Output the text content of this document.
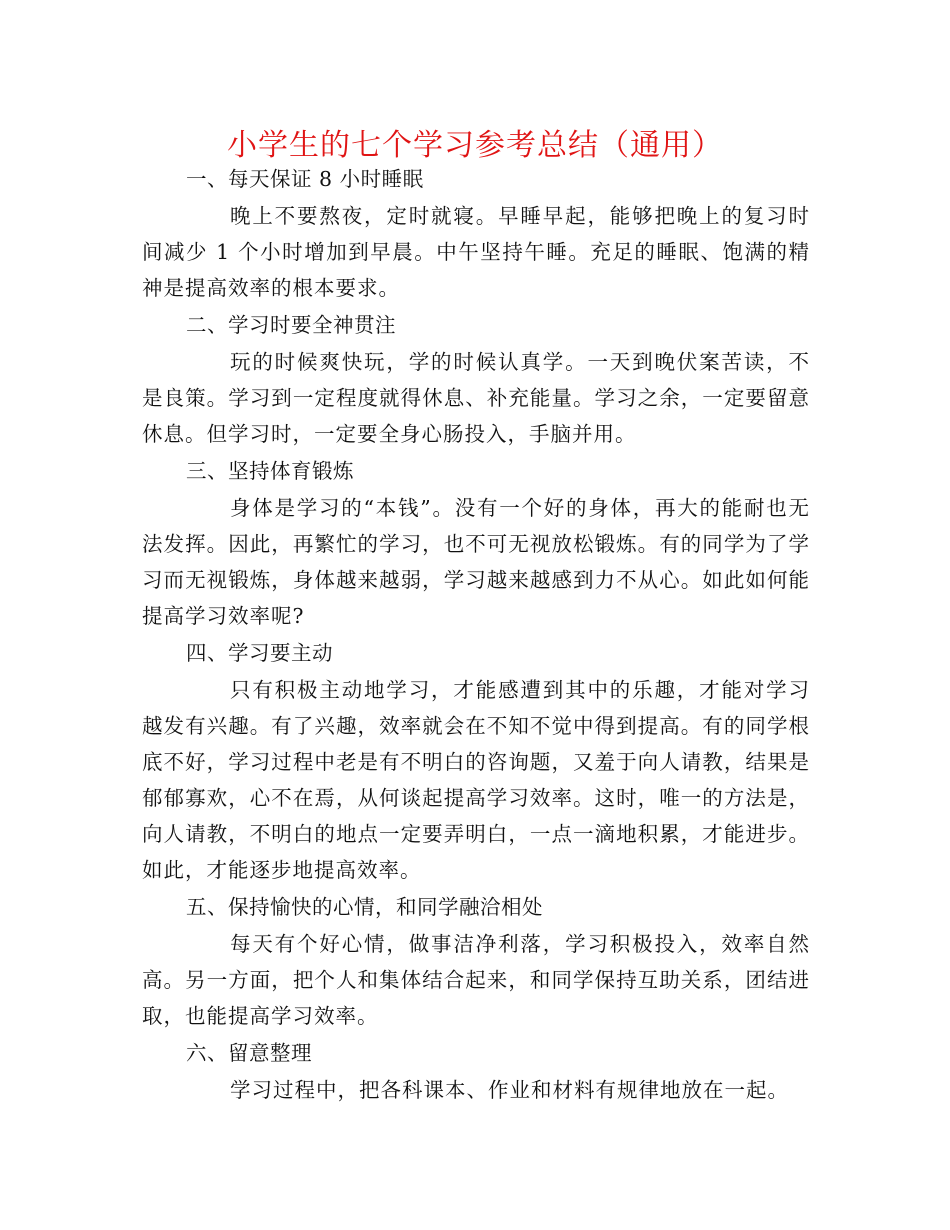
小学生的七个学习参考总结（通用）

一、每天保证 8 小时睡眠

晚上不要熬夜，定时就寝。早睡早起，能够把晚上的复习时间减少 1 个小时增加到早晨。中午坚持午睡。充足的睡眠、饱满的精神是提高效率的根本要求。

二、学习时要全神贯注

玩的时候爽快玩，学的时候认真学。一天到晚伏案苦读，不是良策。学习到一定程度就得休息、补充能量。学习之余，一定要留意休息。但学习时，一定要全身心肠投入，手脑并用。

三、坚持体育锻炼

身体是学习的“本钱”。没有一个好的身体，再大的能耐也无法发挥。因此，再繁忙的学习，也不可无视放松锻炼。有的同学为了学习而无视锻炼，身体越来越弱，学习越来越感到力不从心。如此如何能提高学习效率呢?

四、学习要主动

只有积极主动地学习，才能感遭到其中的乐趣，才能对学习越发有兴趣。有了兴趣，效率就会在不知不觉中得到提高。有的同学根底不好，学习过程中老是有不明白的咨询题，又羞于向人请教，结果是郁郁寡欢，心不在焉，从何谈起提高学习效率。这时，唯一的方法是，向人请教，不明白的地点一定要弄明白，一点一滴地积累，才能进步。如此，才能逐步地提高效率。

五、保持愉快的心情，和同学融洽相处

每天有个好心情，做事洁净利落，学习积极投入，效率自然高。另一方面，把个人和集体结合起来，和同学保持互助关系，团结进取，也能提高学习效率。

六、留意整理

学习过程中，把各科课本、作业和材料有规律地放在一起。
